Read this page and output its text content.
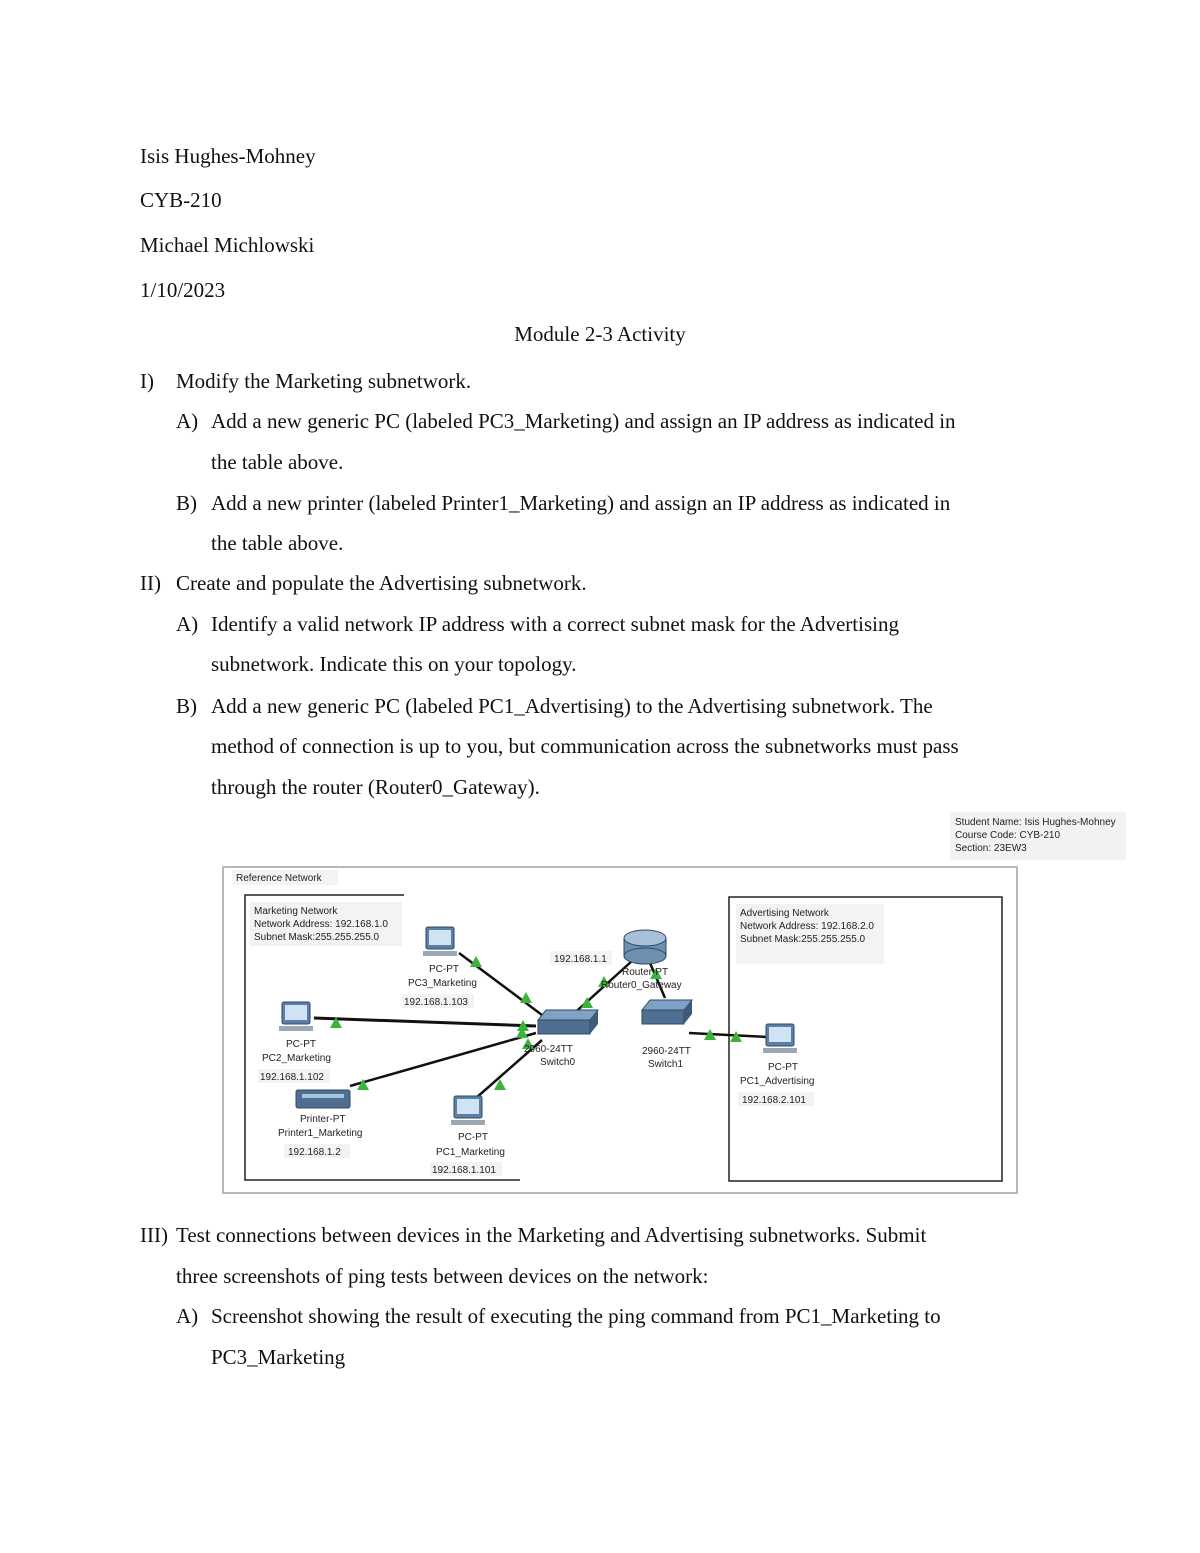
Isis Hughes-Mohney
CYB-210
Michael Michlowski
1/10/2023
Module 2-3 Activity
I) Modify the Marketing subnetwork.
A) Add a new generic PC (labeled PC3_Marketing) and assign an IP address as indicated in
the table above.
B) Add a new printer (labeled Printer1_Marketing) and assign an IP address as indicated in
the table above.
II) Create and populate the Advertising subnetwork.
A) Identify a valid network IP address with a correct subnet mask for the Advertising
subnetwork. Indicate this on your topology.
B) Add a new generic PC (labeled PC1_Advertising) to the Advertising subnetwork. The
method of connection is up to you, but communication across the subnetworks must pass
through the router (Router0_Gateway).
Student Name: Isis Hughes-Mohney
Course Code: CYB-210
Section: 23EW3
Reference Network
Marketing Network
Network Address: 192.168.1.0
Subnet Mask:255.255.255.0
Advertising Network
Network Address: 192.168.2.0
Subnet Mask:255.255.255.0
PC-PT
PC3_Marketing
192.168.1.103
PC-PT
PC2_Marketing
192.168.1.102
Printer-PT
Printer1_Marketing
192.168.1.2
PC-PT
PC1_Marketing
192.168.1.101
2960-24TT
Switch0
192.168.1.1
Router-PT
Router0_Gateway
2960-24TT
Switch1	PC-PT
PC1_Advertising
192.168.2.101
III) Test connections between devices in the Marketing and Advertising subnetworks. Submit
three screenshots of ping tests between devices on the network:
A) Screenshot showing the result of executing the ping command from PC1_Marketing to
PC3_Marketing
